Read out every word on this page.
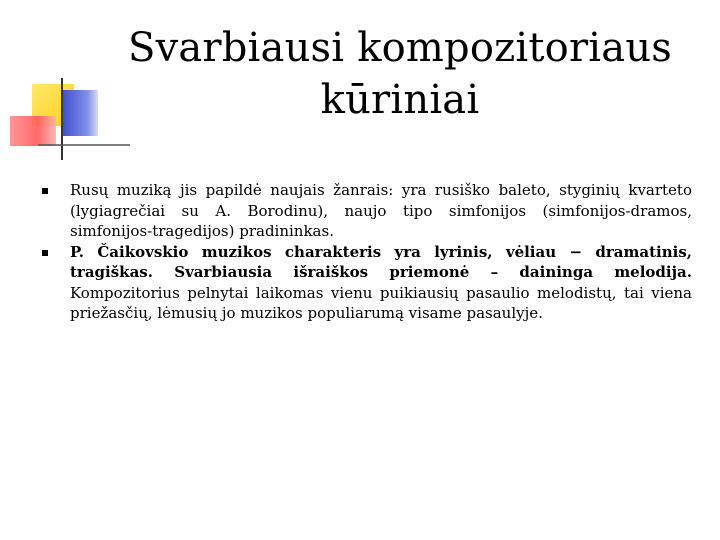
Svarbiausi kompozitoriaus
kūriniai
Rusų muziką jis papildė naujais žanrais: yra rusiško baleto, styginių kvarteto (lygiagrečiai su A. Borodinu), naujo tipo simfonijos (simfonijos-dramos, simfonijos-tragedijos) pradininkas.
P. Čaikovskio muzikos charakteris yra lyrinis, vėliau − dramatinis, tragiškas. Svarbiausia išraiškos priemonė – daininga melodija. Kompozitorius pelnytai laikomas vienu puikiausių pasaulio melodistų, tai viena priežasčių, lėmusių jo muzikos populiarumą visame pasaulyje.
